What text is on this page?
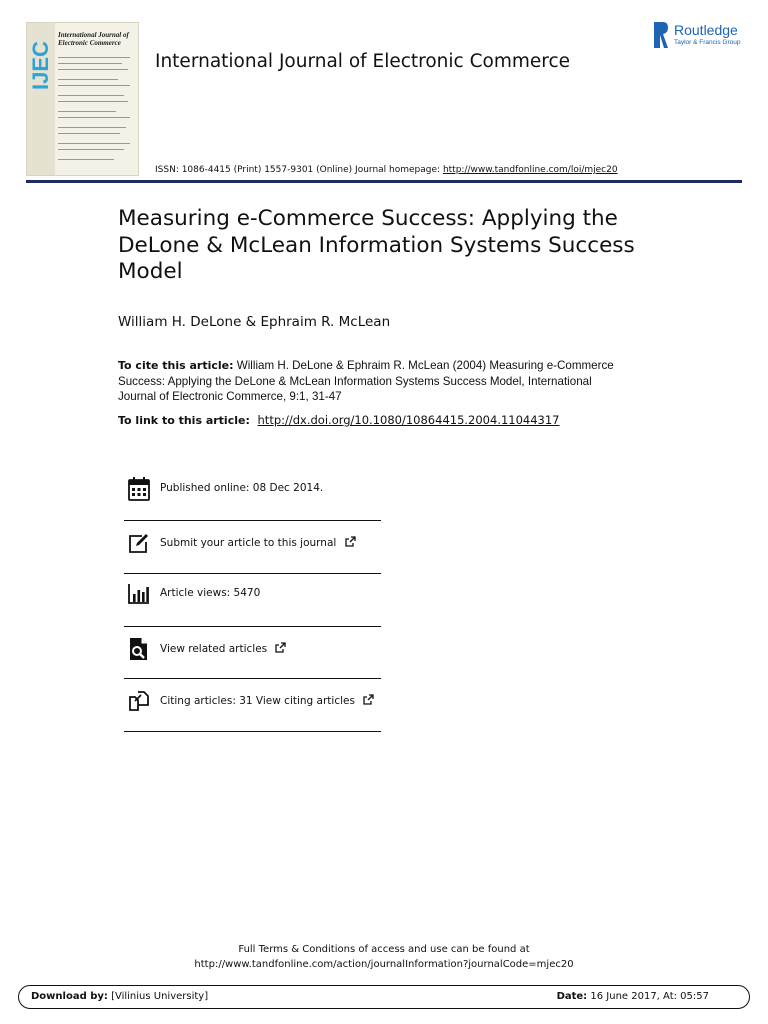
IJEC
International Journal of Electronic Commerce
Routledge
Taylor & Francis Group
International Journal of Electronic Commerce
ISSN: 1086-4415 (Print) 1557-9301 (Online) Journal homepage: http://www.tandfonline.com/loi/mjec20
Measuring e-Commerce Success: Applying the DeLone & McLean Information Systems Success Model
William H. DeLone & Ephraim R. McLean
To cite this article: William H. DeLone & Ephraim R. McLean (2004) Measuring e-Commerce Success: Applying the DeLone & McLean Information Systems Success Model, International Journal of Electronic Commerce, 9:1, 31-47
To link to this article: http://dx.doi.org/10.1080/10864415.2004.11044317
Published online: 08 Dec 2014.
Submit your article to this journal
Article views: 5470
View related articles
Citing articles: 31 View citing articles
Full Terms & Conditions of access and use can be found at
http://www.tandfonline.com/action/journalInformation?journalCode=mjec20
Download by: [Vilinius University]	Date: 16 June 2017, At: 05:57
